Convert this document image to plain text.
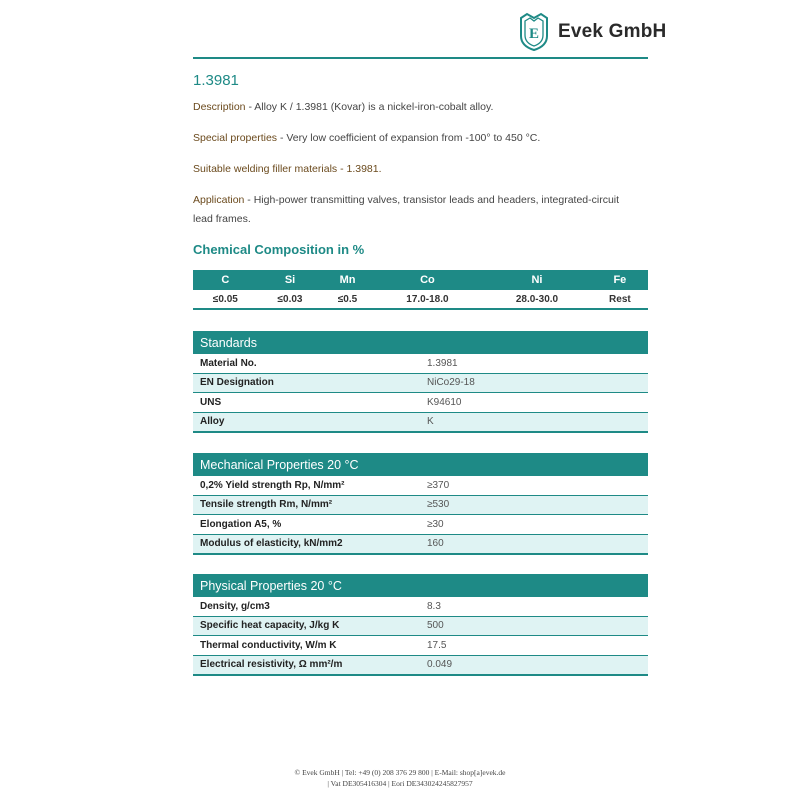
E Evek GmbH
1.3981
Description - Alloy K / 1.3981 (Kovar) is a nickel-iron-cobalt alloy.
Special properties - Very low coefficient of expansion from -100° to 450 °C.
Suitable welding filler materials - 1.3981.
Application - High-power transmitting valves, transistor leads and headers, integrated-circuit lead frames.
Chemical Composition in %
C	Si	Mn	Co	Ni	Fe
≤0.05	≤0.03	≤0.5	17.0-18.0	28.0-30.0	Rest
Standards	
Material No.	1.3981
EN Designation	NiCo29-18
UNS	K94610
Alloy	K
Mechanical Properties 20 °C	
0,2% Yield strength Rp, N/mm²	≥370
Tensile strength Rm, N/mm²	≥530
Elongation A5, %	≥30
Modulus of elasticity, kN/mm2	160
Physical Properties 20 °C	
Density, g/cm3	8.3
Specific heat capacity, J/kg K	500
Thermal conductivity, W/m K	17.5
Electrical resistivity, Ω mm²/m	0.049
© Evek GmbH | Tel: +49 (0) 208 376 29 800 | E-Mail: shop[a]evek.de
| Vat DE305416304 | Eori DE343024245827957
